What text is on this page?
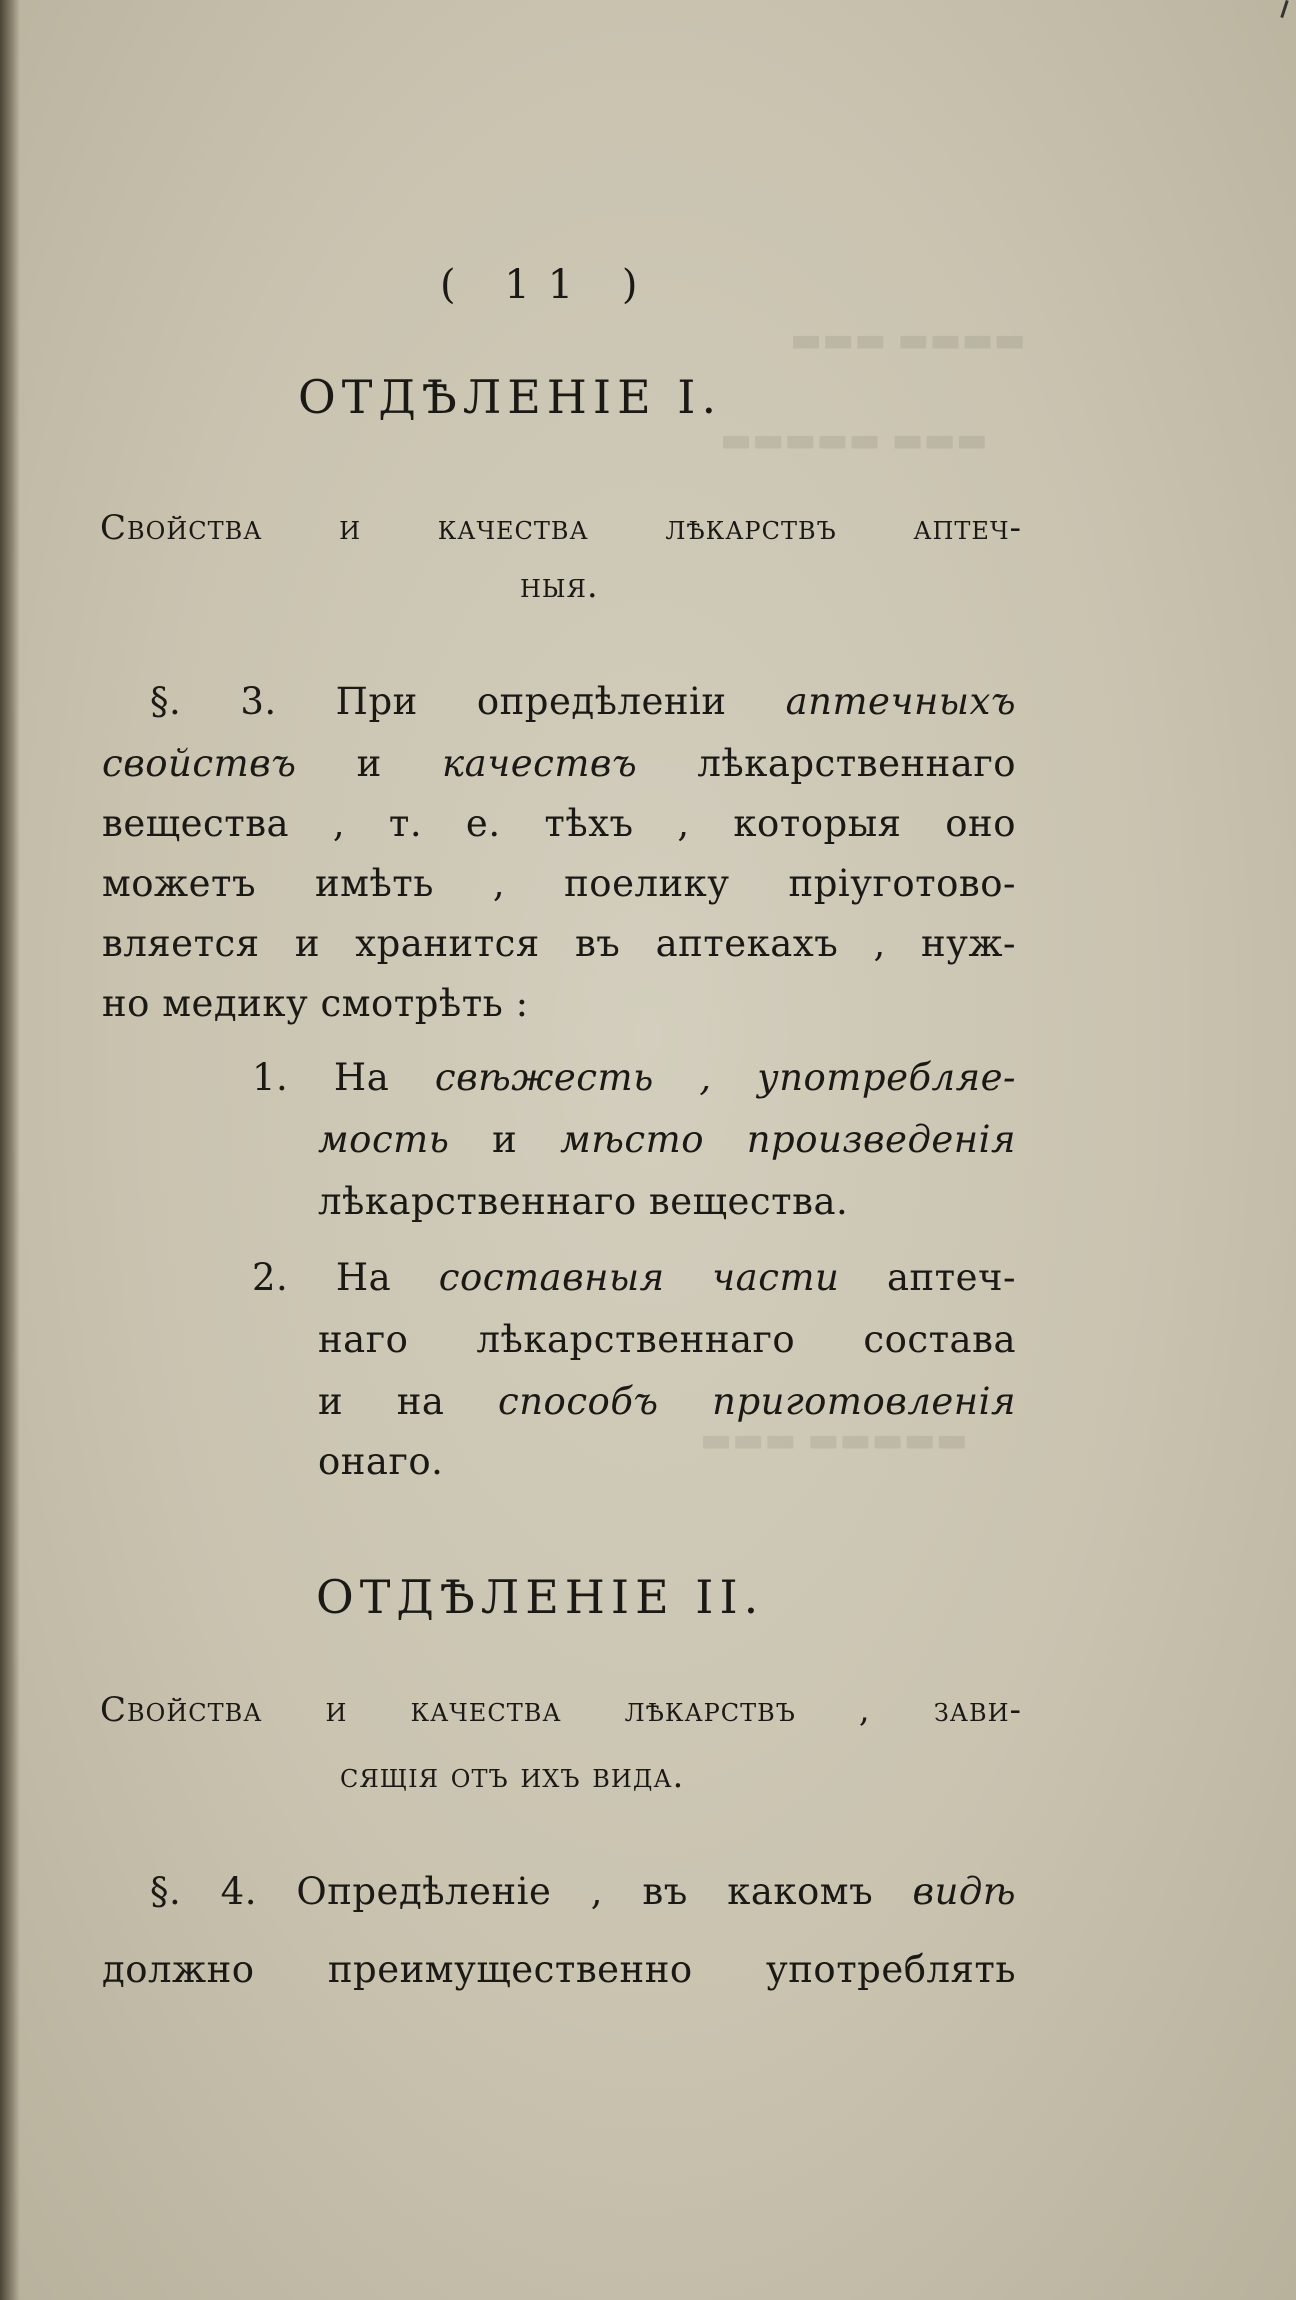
▬▬▬▬ ▬▬▬
▬▬▬ ▬▬▬▬▬
▬▬▬▬▬ ▬▬▬
( 11 )
ОТДѢЛЕНІЕ I.
Свойства и качества лѣкарствъ аптеч-
ныя.
§. 3. При опредѣленіи аптечныхъ
свойствъ и качествъ лѣкарственнаго
вещества , т. е. тѣхъ , которыя оно
можетъ имѣть , поелику пріуготово-
вляется и хранится въ аптекахъ , нуж-
но медику смотрѣть :
1. На свѣжесть , употребляе-
мость и мѣсто произведенія
лѣкарственнаго вещества.
2. На составныя части аптеч-
наго лѣкарственнаго состава
и на способъ приготовленія
онаго.
ОТДѢЛЕНІЕ II.
Свойства и качества лѣкарствъ , зави-
сящія отъ ихъ вида.
§. 4. Опредѣленіе , въ какомъ видѣ
должно преимущественно употреблять
